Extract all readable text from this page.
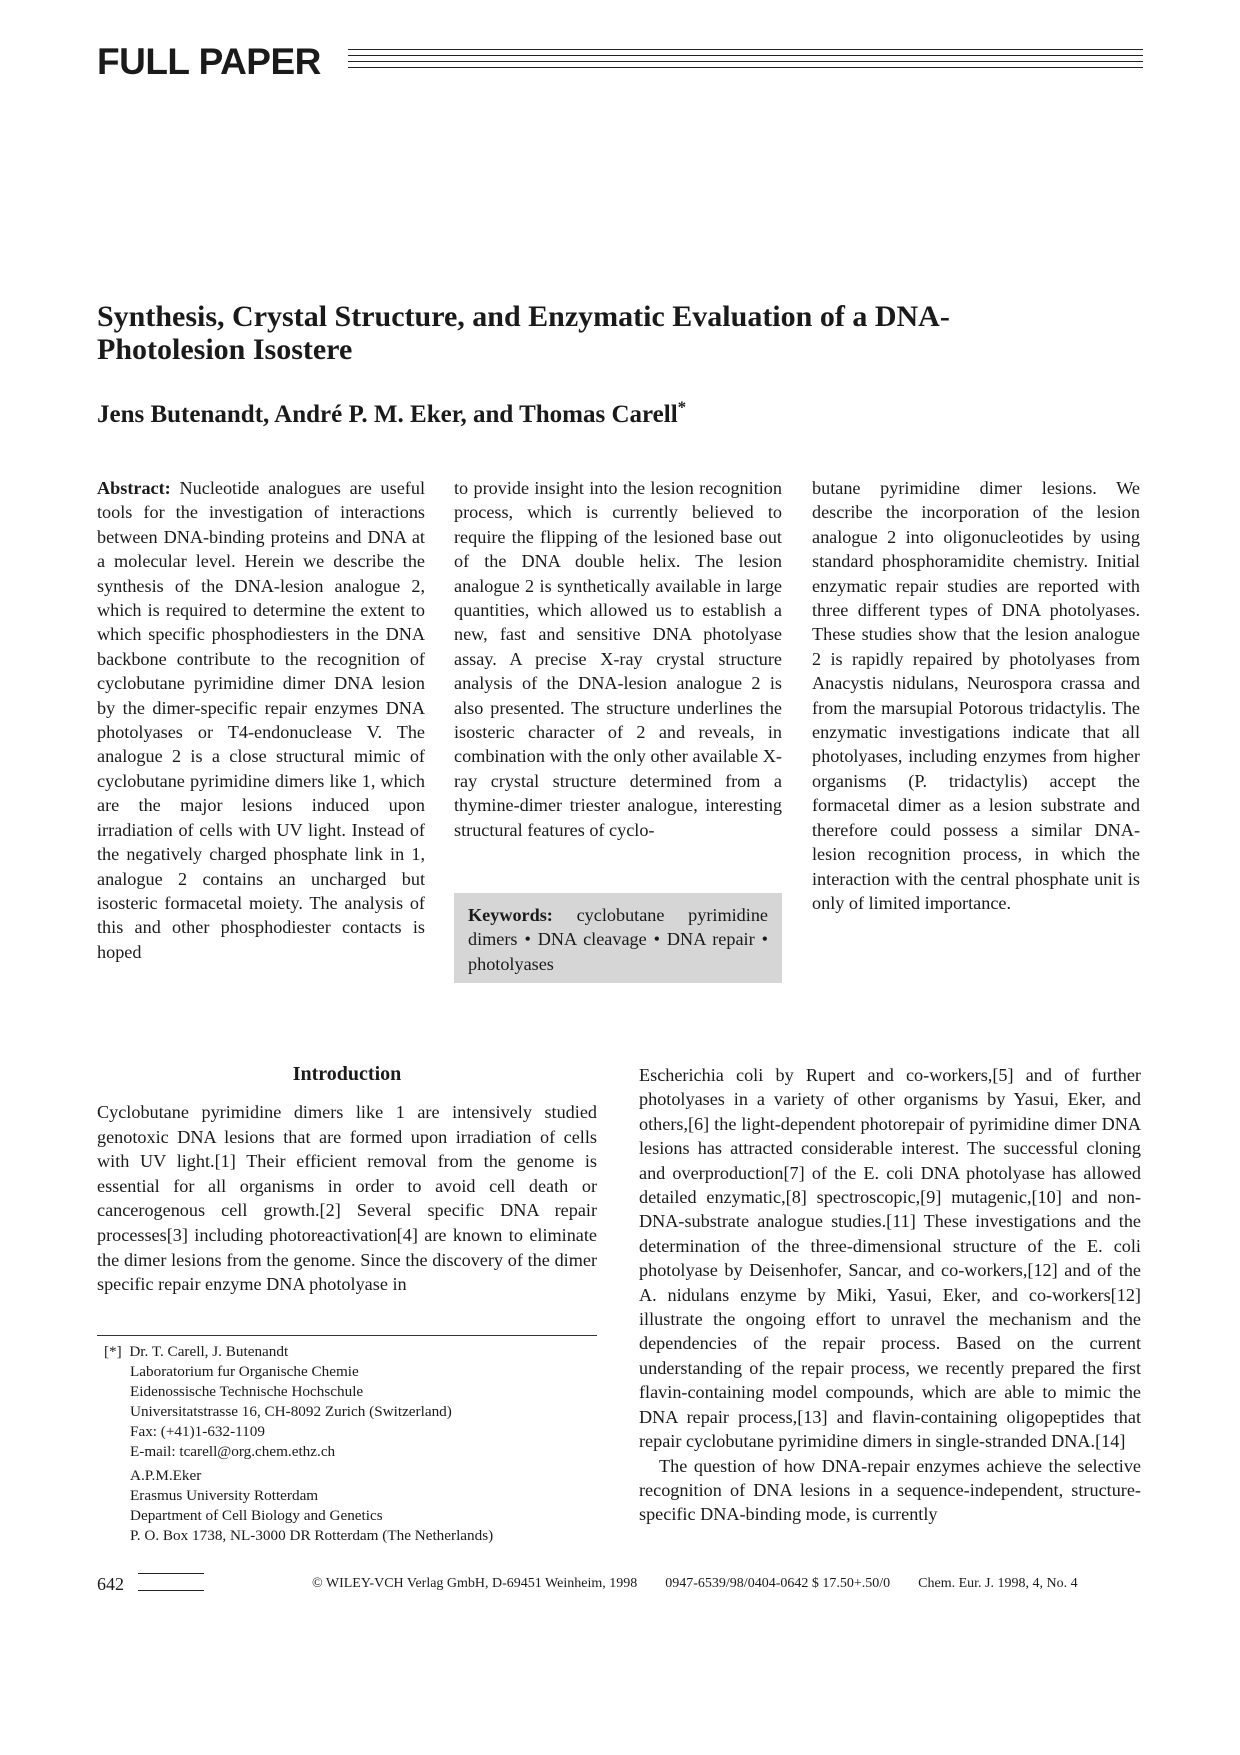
FULL PAPER
Synthesis, Crystal Structure, and Enzymatic Evaluation of a DNA-Photolesion Isostere
Jens Butenandt, André P. M. Eker, and Thomas Carell*

Abstract: Nucleotide analogues are useful tools for the investigation of interactions between DNA-binding proteins and DNA at a molecular level. Herein we describe the synthesis of the DNA-lesion analogue 2, which is required to determine the extent to which specific phosphodiesters in the DNA backbone contribute to the recognition of cyclobutane pyrimidine dimer DNA lesion by the dimer-specific repair enzymes DNA photolyases or T4-endonuclease V. The analogue 2 is a close structural mimic of cyclobutane pyrimidine dimers like 1, which are the major lesions induced upon irradiation of cells with UV light. Instead of the negatively charged phosphate link in 1, analogue 2 contains an uncharged but isosteric formacetal moiety. The analysis of this and other phosphodiester contacts is hoped

to provide insight into the lesion recognition process, which is currently believed to require the flipping of the lesioned base out of the DNA double helix. The lesion analogue 2 is synthetically available in large quantities, which allowed us to establish a new, fast and sensitive DNA photolyase assay. A precise X-ray crystal structure analysis of the DNA-lesion analogue 2 is also presented. The structure underlines the isosteric character of 2 and reveals, in combination with the only other available X-ray crystal structure determined from a thymine-dimer triester analogue, interesting structural features of cyclo-

butane pyrimidine dimer lesions. We describe the incorporation of the lesion analogue 2 into oligonucleotides by using standard phosphoramidite chemistry. Initial enzymatic repair studies are reported with three different types of DNA photolyases. These studies show that the lesion analogue 2 is rapidly repaired by photolyases from Anacystis nidulans, Neurospora crassa and from the marsupial Potorous tridactylis. The enzymatic investigations indicate that all photolyases, including enzymes from higher organisms (P. tridactylis) accept the formacetal dimer as a lesion substrate and therefore could possess a similar DNA-lesion recognition process, in which the interaction with the central phosphate unit is only of limited importance.

Keywords: cyclobutane pyrimidine dimers • DNA cleavage • DNA repair • photolyases
Introduction

Cyclobutane pyrimidine dimers like 1 are intensively studied genotoxic DNA lesions that are formed upon irradiation of cells with UV light.[1] Their efficient removal from the genome is essential for all organisms in order to avoid cell death or cancerogenous cell growth.[2] Several specific DNA repair processes[3] including photoreactivation[4] are known to eliminate the dimer lesions from the genome. Since the discovery of the dimer specific repair enzyme DNA photolyase in

Escherichia coli by Rupert and co-workers,[5] and of further photolyases in a variety of other organisms by Yasui, Eker, and others,[6] the light-dependent photorepair of pyrimidine dimer DNA lesions has attracted considerable interest. The successful cloning and overproduction[7] of the E. coli DNA photolyase has allowed detailed enzymatic,[8] spectroscopic,[9] mutagenic,[10] and non-DNA-substrate analogue studies.[11] These investigations and the determination of the three-dimensional structure of the E. coli photolyase by Deisenhofer, Sancar, and co-workers,[12] and of the A. nidulans enzyme by Miki, Yasui, Eker, and co-workers[12] illustrate the ongoing effort to unravel the mechanism and the dependencies of the repair process. Based on the current understanding of the repair process, we recently prepared the first flavin-containing model compounds, which are able to mimic the DNA repair process,[13] and flavin-containing oligopeptides that repair cyclobutane pyrimidine dimers in single-stranded DNA.[14]

The question of how DNA-repair enzymes achieve the selective recognition of DNA lesions in a sequence-independent, structure-specific DNA-binding mode, is currently

[*] Dr. T. Carell, J. Butenandt
Laboratorium fur Organische Chemie
Eidenossische Technische Hochschule
Universitatstrasse 16, CH-8092 Zurich (Switzerland)
Fax: (+41)1-632-1109
E-mail: tcarell@org.chem.ethz.ch
A.P.M.Eker
Erasmus University Rotterdam
Department of Cell Biology and Genetics
P. O. Box 1738, NL-3000 DR Rotterdam (The Netherlands)
642	© WILEY-VCH Verlag GmbH, D-69451 Weinheim, 1998 0947-6539/98/0404-0642 $ 17.50+.50/0 Chem. Eur. J. 1998, 4, No. 4
